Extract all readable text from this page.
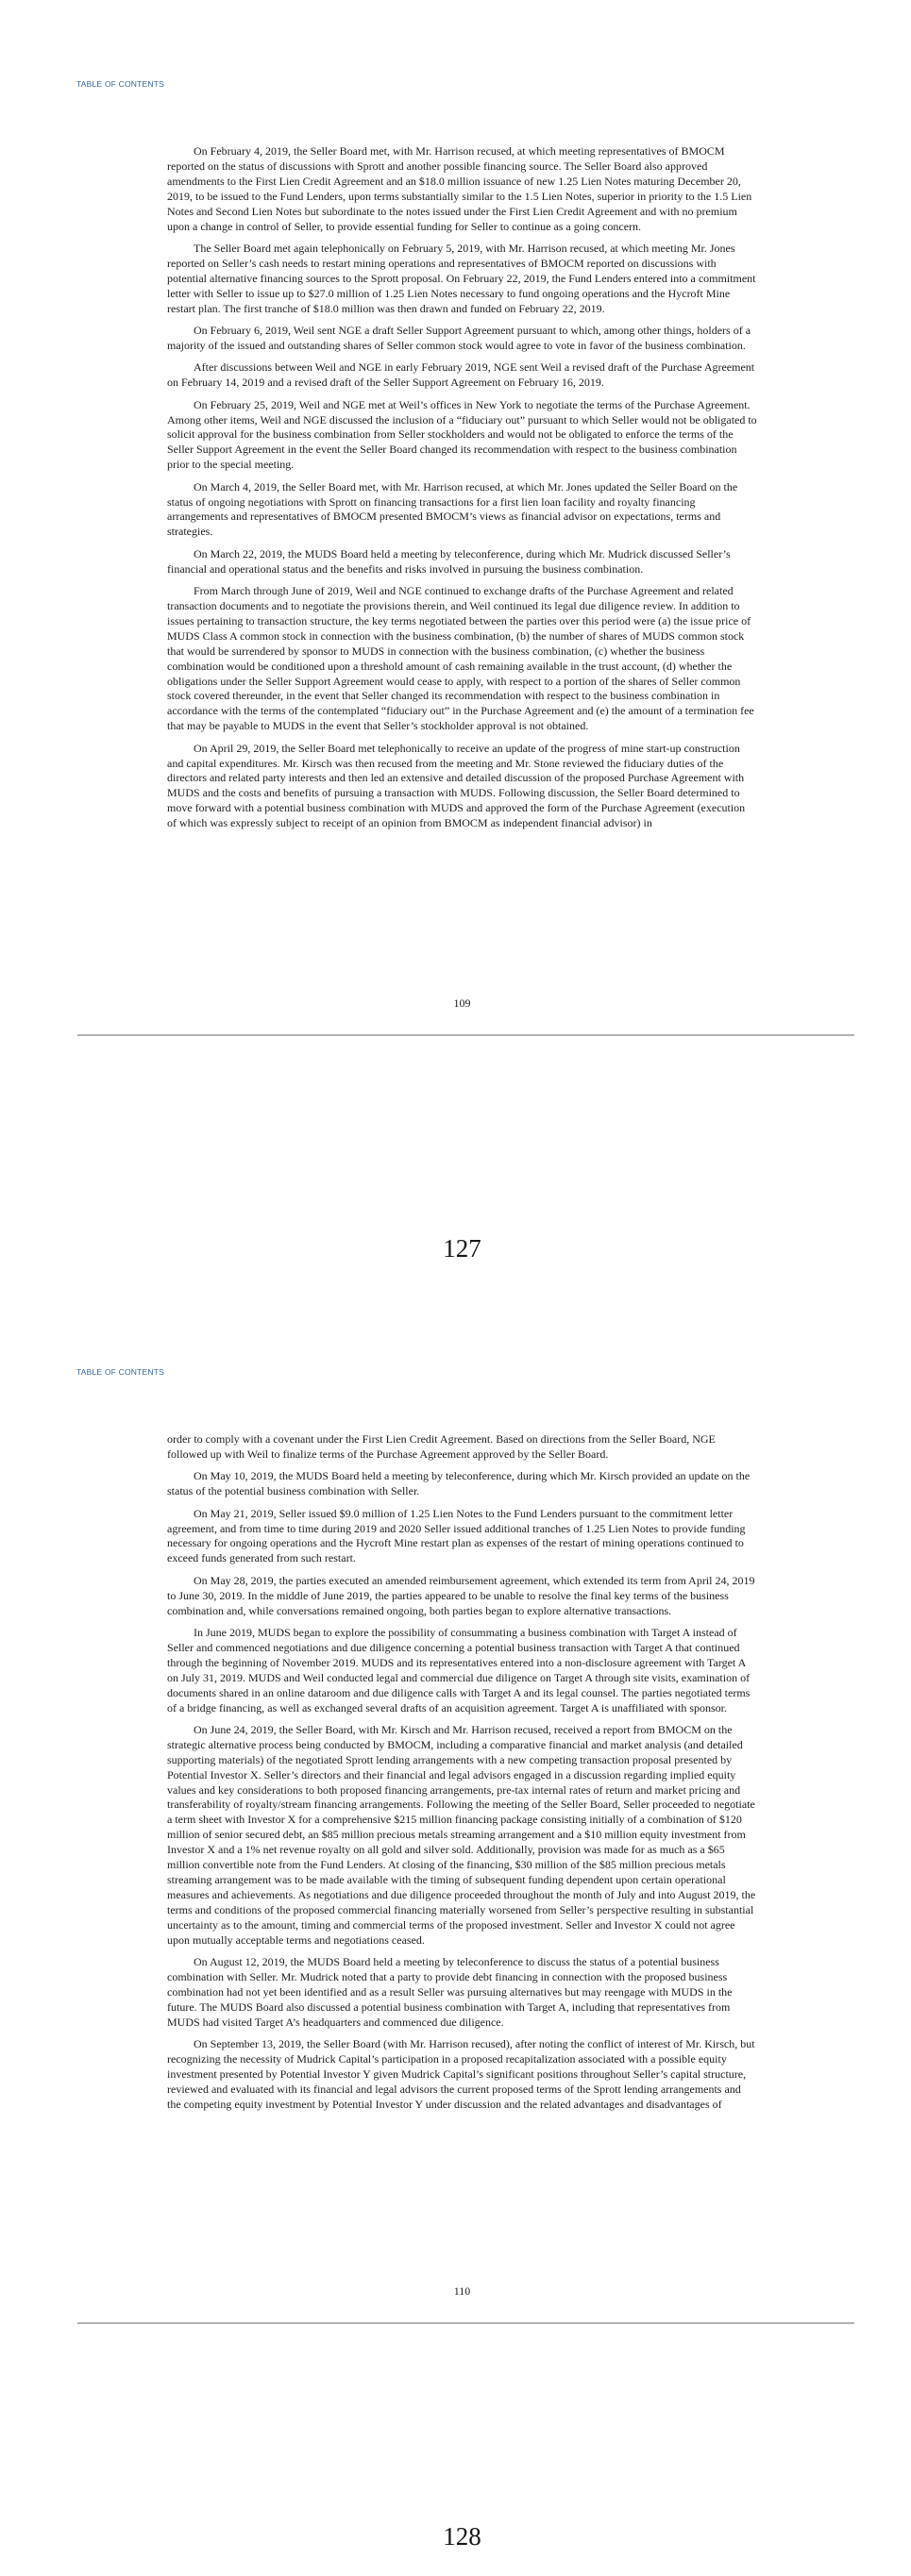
TABLE OF CONTENTS

On February 4, 2019, the Seller Board met, with Mr. Harrison recused, at which meeting representatives of BMOCM reported on the status of discussions with Sprott and another possible financing source. The Seller Board also approved amendments to the First Lien Credit Agreement and an $18.0 million issuance of new 1.25 Lien Notes maturing December 20, 2019, to be issued to the Fund Lenders, upon terms substantially similar to the 1.5 Lien Notes, superior in priority to the 1.5 Lien Notes and Second Lien Notes but subordinate to the notes issued under the First Lien Credit Agreement and with no premium upon a change in control of Seller, to provide essential funding for Seller to continue as a going concern.

The Seller Board met again telephonically on February 5, 2019, with Mr. Harrison recused, at which meeting Mr. Jones reported on Seller’s cash needs to restart mining operations and representatives of BMOCM reported on discussions with potential alternative financing sources to the Sprott proposal. On February 22, 2019, the Fund Lenders entered into a commitment letter with Seller to issue up to $27.0 million of 1.25 Lien Notes necessary to fund ongoing operations and the Hycroft Mine restart plan. The first tranche of $18.0 million was then drawn and funded on February 22, 2019.

On February 6, 2019, Weil sent NGE a draft Seller Support Agreement pursuant to which, among other things, holders of a majority of the issued and outstanding shares of Seller common stock would agree to vote in favor of the business combination.

After discussions between Weil and NGE in early February 2019, NGE sent Weil a revised draft of the Purchase Agreement on February 14, 2019 and a revised draft of the Seller Support Agreement on February 16, 2019.

On February 25, 2019, Weil and NGE met at Weil’s offices in New York to negotiate the terms of the Purchase Agreement. Among other items, Weil and NGE discussed the inclusion of a “fiduciary out” pursuant to which Seller would not be obligated to solicit approval for the business combination from Seller stockholders and would not be obligated to enforce the terms of the Seller Support Agreement in the event the Seller Board changed its recommendation with respect to the business combination prior to the special meeting.

On March 4, 2019, the Seller Board met, with Mr. Harrison recused, at which Mr. Jones updated the Seller Board on the status of ongoing negotiations with Sprott on financing transactions for a first lien loan facility and royalty financing arrangements and representatives of BMOCM presented BMOCM’s views as financial advisor on expectations, terms and strategies.

On March 22, 2019, the MUDS Board held a meeting by teleconference, during which Mr. Mudrick discussed Seller’s financial and operational status and the benefits and risks involved in pursuing the business combination.

From March through June of 2019, Weil and NGE continued to exchange drafts of the Purchase Agreement and related transaction documents and to negotiate the provisions therein, and Weil continued its legal due diligence review. In addition to issues pertaining to transaction structure, the key terms negotiated between the parties over this period were (a) the issue price of MUDS Class A common stock in connection with the business combination, (b) the number of shares of MUDS common stock that would be surrendered by sponsor to MUDS in connection with the business combination, (c) whether the business combination would be conditioned upon a threshold amount of cash remaining available in the trust account, (d) whether the obligations under the Seller Support Agreement would cease to apply, with respect to a portion of the shares of Seller common stock covered thereunder, in the event that Seller changed its recommendation with respect to the business combination in accordance with the terms of the contemplated “fiduciary out” in the Purchase Agreement and (e) the amount of a termination fee that may be payable to MUDS in the event that Seller’s stockholder approval is not obtained.

On April 29, 2019, the Seller Board met telephonically to receive an update of the progress of mine start-up construction and capital expenditures. Mr. Kirsch was then recused from the meeting and Mr. Stone reviewed the fiduciary duties of the directors and related party interests and then led an extensive and detailed discussion of the proposed Purchase Agreement with MUDS and the costs and benefits of pursuing a transaction with MUDS. Following discussion, the Seller Board determined to move forward with a potential business combination with MUDS and approved the form of the Purchase Agreement (execution of which was expressly subject to receipt of an opinion from BMOCM as independent financial advisor) in

109
127
TABLE OF CONTENTS

order to comply with a covenant under the First Lien Credit Agreement. Based on directions from the Seller Board, NGE followed up with Weil to finalize terms of the Purchase Agreement approved by the Seller Board.

On May 10, 2019, the MUDS Board held a meeting by teleconference, during which Mr. Kirsch provided an update on the status of the potential business combination with Seller.

On May 21, 2019, Seller issued $9.0 million of 1.25 Lien Notes to the Fund Lenders pursuant to the commitment letter agreement, and from time to time during 2019 and 2020 Seller issued additional tranches of 1.25 Lien Notes to provide funding necessary for ongoing operations and the Hycroft Mine restart plan as expenses of the restart of mining operations continued to exceed funds generated from such restart.

On May 28, 2019, the parties executed an amended reimbursement agreement, which extended its term from April 24, 2019 to June 30, 2019. In the middle of June 2019, the parties appeared to be unable to resolve the final key terms of the business combination and, while conversations remained ongoing, both parties began to explore alternative transactions.

In June 2019, MUDS began to explore the possibility of consummating a business combination with Target A instead of Seller and commenced negotiations and due diligence concerning a potential business transaction with Target A that continued through the beginning of November 2019. MUDS and its representatives entered into a non-disclosure agreement with Target A on July 31, 2019. MUDS and Weil conducted legal and commercial due diligence on Target A through site visits, examination of documents shared in an online dataroom and due diligence calls with Target A and its legal counsel. The parties negotiated terms of a bridge financing, as well as exchanged several drafts of an acquisition agreement. Target A is unaffiliated with sponsor.

On June 24, 2019, the Seller Board, with Mr. Kirsch and Mr. Harrison recused, received a report from BMOCM on the strategic alternative process being conducted by BMOCM, including a comparative financial and market analysis (and detailed supporting materials) of the negotiated Sprott lending arrangements with a new competing transaction proposal presented by Potential Investor X. Seller’s directors and their financial and legal advisors engaged in a discussion regarding implied equity values and key considerations to both proposed financing arrangements, pre-tax internal rates of return and market pricing and transferability of royalty/stream financing arrangements. Following the meeting of the Seller Board, Seller proceeded to negotiate a term sheet with Investor X for a comprehensive $215 million financing package consisting initially of a combination of $120 million of senior secured debt, an $85 million precious metals streaming arrangement and a $10 million equity investment from Investor X and a 1% net revenue royalty on all gold and silver sold. Additionally, provision was made for as much as a $65 million convertible note from the Fund Lenders. At closing of the financing, $30 million of the $85 million precious metals streaming arrangement was to be made available with the timing of subsequent funding dependent upon certain operational measures and achievements. As negotiations and due diligence proceeded throughout the month of July and into August 2019, the terms and conditions of the proposed commercial financing materially worsened from Seller’s perspective resulting in substantial uncertainty as to the amount, timing and commercial terms of the proposed investment. Seller and Investor X could not agree upon mutually acceptable terms and negotiations ceased.

On August 12, 2019, the MUDS Board held a meeting by teleconference to discuss the status of a potential business combination with Seller. Mr. Mudrick noted that a party to provide debt financing in connection with the proposed business combination had not yet been identified and as a result Seller was pursuing alternatives but may reengage with MUDS in the future. The MUDS Board also discussed a potential business combination with Target A, including that representatives from MUDS had visited Target A’s headquarters and commenced due diligence.

On September 13, 2019, the Seller Board (with Mr. Harrison recused), after noting the conflict of interest of Mr. Kirsch, but recognizing the necessity of Mudrick Capital’s participation in a proposed recapitalization associated with a possible equity investment presented by Potential Investor Y given Mudrick Capital’s significant positions throughout Seller’s capital structure, reviewed and evaluated with its financial and legal advisors the current proposed terms of the Sprott lending arrangements and the competing equity investment by Potential Investor Y under discussion and the related advantages and disadvantages of

110
128
